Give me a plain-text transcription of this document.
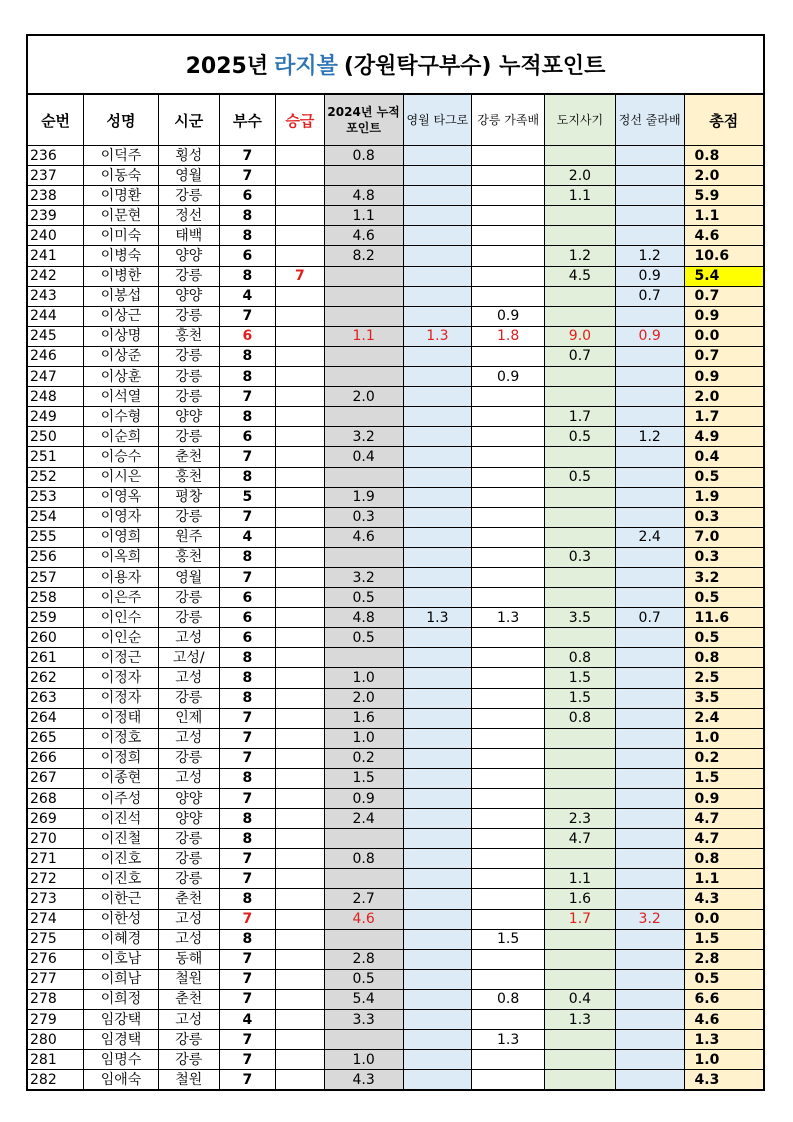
2025년 라지볼 (강원탁구부수) 누적포인트
순번	성명	시군	부수	승급	2024년 누적포인트	영월 타그로	강릉 가족배	도지사기	정선 줄라배	총점
236	이덕주	횡성	7		0.8					0.8
237	이동숙	영월	7					2.0		2.0
238	이명환	강릉	6		4.8			1.1		5.9
239	이문현	정선	8		1.1					1.1
240	이미숙	태백	8		4.6					4.6
241	이병숙	양양	6		8.2			1.2	1.2	10.6
242	이병한	강릉	8	7				4.5	0.9	5.4
243	이봉섭	양양	4						0.7	0.7
244	이상근	강릉	7				0.9			0.9
245	이상명	홍천	6		1.1	1.3	1.8	9.0	0.9	0.0
246	이상준	강릉	8					0.7		0.7
247	이상훈	강릉	8				0.9			0.9
248	이석열	강릉	7		2.0					2.0
249	이수형	양양	8					1.7		1.7
250	이순희	강릉	6		3.2			0.5	1.2	4.9
251	이승수	춘천	7		0.4					0.4
252	이시은	홍천	8					0.5		0.5
253	이영옥	평창	5		1.9					1.9
254	이영자	강릉	7		0.3					0.3
255	이영희	원주	4		4.6				2.4	7.0
256	이옥희	홍천	8					0.3		0.3
257	이용자	영월	7		3.2					3.2
258	이은주	강릉	6		0.5					0.5
259	이인수	강릉	6		4.8	1.3	1.3	3.5	0.7	11.6
260	이인순	고성	6		0.5					0.5
261	이정근	고성/	8					0.8		0.8
262	이정자	고성	8		1.0			1.5		2.5
263	이정자	강릉	8		2.0			1.5		3.5
264	이정태	인제	7		1.6			0.8		2.4
265	이정호	고성	7		1.0					1.0
266	이정희	강릉	7		0.2					0.2
267	이종현	고성	8		1.5					1.5
268	이주성	양양	7		0.9					0.9
269	이진석	양양	8		2.4			2.3		4.7
270	이진철	강릉	8					4.7		4.7
271	이진호	강릉	7		0.8					0.8
272	이진호	강릉	7					1.1		1.1
273	이한근	춘천	8		2.7			1.6		4.3
274	이한성	고성	7		4.6			1.7	3.2	0.0
275	이혜경	고성	8				1.5			1.5
276	이호남	동해	7		2.8					2.8
277	이희남	철원	7		0.5					0.5
278	이희정	춘천	7		5.4		0.8	0.4		6.6
279	임강택	고성	4		3.3			1.3		4.6
280	임경택	강릉	7				1.3			1.3
281	임명수	강릉	7		1.0					1.0
282	임애숙	철원	7		4.3					4.3
